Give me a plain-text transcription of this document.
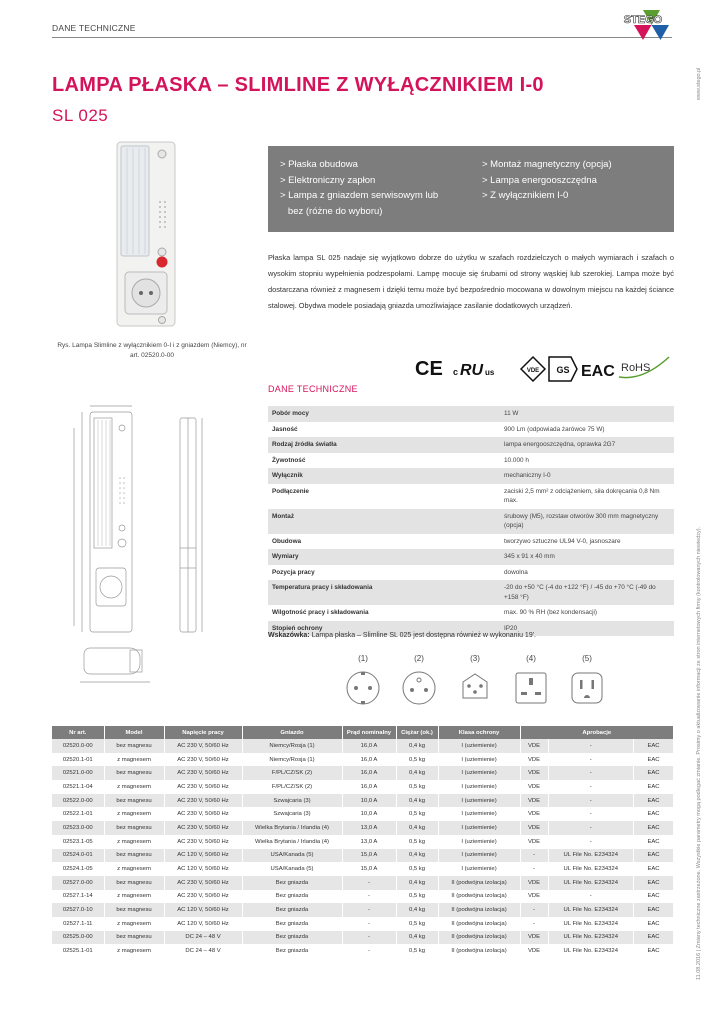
DANE TECHNICZNE
STEGO
www.stego.pl
11.08.2016 | Zmiany techniczne zastrzeżone. Wszystkie parametry mogą podlegać zmianie. Prosimy o aktualizowanie informacji ze stron internetowych firmy (kontrolowanych niewiedzy).
LAMPA PŁASKA – SLIMLINE Z WYŁĄCZNIKIEM I-0
SL 025
Rys. Lampa Slimline z wyłącznikiem 0-I i z gniazdem (Niemcy), nr art. 02520.0-00
> Płaska obudowa
> Elektroniczny zapłon
> Lampa z gniazdem serwisowym lub
bez (różne do wyboru)
> Montaż magnetyczny (opcja)
> Lampa energooszczędna
> Z wyłącznikiem I-0
Płaska lampa SL 025 nadaje się wyjątkowo dobrze do użytku w szafach rozdzielczych o małych wymiarach i szafach o wysokim stopniu wypełnienia podzespołami. Lampę mocuje się śrubami od strony wąskiej lub szerokiej. Lampa może być dostarczana również z magnesem i dzięki temu może być bezpośrednio mocowana w dowolnym miejscu na każdej ściance stalowej. Obydwa modele posiadają gniazda umożliwiające zasilanie dodatkowych urządzeń.
CE c RU us	VDE GS EAC RoHS
DANE TECHNICZNE
Pobór mocy	11 W
Jasność	900 Lm (odpowiada żarówce 75 W)
Rodzaj źródła światła	lampa energooszczędna, oprawka 2G7
Żywotność	10.000 h
Wyłącznik	mechaniczny I-0
Podłączenie	zaciski 2,5 mm² z odciążeniem, siła dokręcania 0,8 Nm max.
Montaż	śrubowy (M5), rozstaw otworów 300 mm magnetyczny (opcja)
Obudowa	tworzywo sztuczne UL94 V-0, jasnoszare
Wymiary	345 x 91 x 40 mm
Pozycja pracy	dowolna
Temperatura pracy i składowania	-20 do +50 °C (-4 do +122 °F) / -45 do +70 °C (-49 do +158 °F)
Wilgotność pracy i składowania	max. 90 % RH (bez kondensacji)
Stopień ochrony	IP20
Wskazówka: Lampa płaska – Slimline SL 025 jest dostępna również w wykonaniu 19'.
(1)	(2)	(3)	(4)	(5)
Nr art.	Model	Napięcie pracy	Gniazdo	Prąd nominalny	Ciężar (ok.)	Klasa ochrony	Aprobacje		
02520.0-00	bez magnesu	AC 230 V, 50/60 Hz	Niemcy/Rosja (1)	16,0 A	0,4 kg	I (uziemienie)	VDE	-	EAC
02520.1-01	z magnesem	AC 230 V, 50/60 Hz	Niemcy/Rosja (1)	16,0 A	0,5 kg	I (uziemienie)	VDE	-	EAC
02521.0-00	bez magnesu	AC 230 V, 50/60 Hz	F/PL/CZ/SK (2)	16,0 A	0,4 kg	I (uziemienie)	VDE	-	EAC
02521.1-04	z magnesem	AC 230 V, 50/60 Hz	F/PL/CZ/SK (2)	16,0 A	0,5 kg	I (uziemienie)	VDE	-	EAC
02522.0-00	bez magnesu	AC 230 V, 50/60 Hz	Szwajcaria (3)	10,0 A	0,4 kg	I (uziemienie)	VDE	-	EAC
02522.1-01	z magnesem	AC 230 V, 50/60 Hz	Szwajcaria (3)	10,0 A	0,5 kg	I (uziemienie)	VDE	-	EAC
02523.0-00	bez magnesu	AC 230 V, 50/60 Hz	Wielka Brytania / Irlandia (4)	13,0 A	0,4 kg	I (uziemienie)	VDE	-	EAC
02523.1-05	z magnesem	AC 230 V, 50/60 Hz	Wielka Brytania / Irlandia (4)	13,0 A	0,5 kg	I (uziemienie)	VDE	-	EAC
02524.0-01	bez magnesu	AC 120 V, 50/60 Hz	USA/Kanada (5)	15,0 A	0,4 kg	I (uziemienie)	-	UL File No. E234324	EAC
02524.1-05	z magnesem	AC 120 V, 50/60 Hz	USA/Kanada (5)	15,0 A	0,5 kg	I (uziemienie)	-	UL File No. E234324	EAC
02527.0-00	bez magnesu	AC 230 V, 50/60 Hz	Bez gniazda	-	0,4 kg	II (podwójna izolacja)	VDE	UL File No. E234324	EAC
02527.1-14	z magnesem	AC 230 V, 50/60 Hz	Bez gniazda	-	0,5 kg	II (podwójna izolacja)	VDE	-	EAC
02527.0-10	bez magnesu	AC 120 V, 50/60 Hz	Bez gniazda	-	0,4 kg	II (podwójna izolacja)	-	UL File No. E234324	EAC
02527.1-11	z magnesem	AC 120 V, 50/60 Hz	Bez gniazda	-	0,5 kg	II (podwójna izolacja)	-	UL File No. E234324	EAC
02525.0-00	bez magnesu	DC 24 – 48 V	Bez gniazda	-	0,4 kg	II (podwójna izolacja)	VDE	UL File No. E234324	EAC
02525.1-01	z magnesem	DC 24 – 48 V	Bez gniazda	-	0,5 kg	II (podwójna izolacja)	VDE	UL File No. E234324	EAC
